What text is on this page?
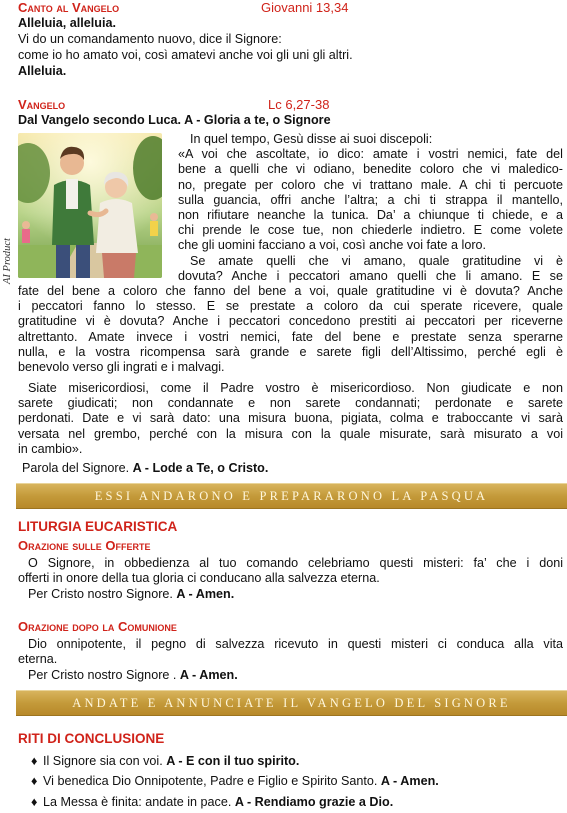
Canto al Vangelo	Giovanni 13,34
Alleluia, alleluia.
Vi do un comandamento nuovo, dice il Signore:
come io ho amato voi, così amatevi anche voi gli uni gli altri.
Alleluia.
Vangelo	Lc 6,27-38
Dal Vangelo secondo Luca. A - Gloria a te, o Signore
AI Product

In quel tempo, Gesù disse ai suoi discepoli:

«A voi che ascoltate, io dico: amate i vostri nemici, fate del

bene a quelli che vi odiano, benedite coloro che vi maledico-

no, pregate per coloro che vi trattano male. A chi ti percuote

sulla guancia, offri anche l’altra; a chi ti strappa il mantello,

non rifiutare neanche la tunica. Da’ a chiunque ti chiede, e a

chi prende le cose tue, non chiederle indietro. E come volete

che gli uomini facciano a voi, così anche voi fate a loro.

Se amate quelli che vi amano, quale gratitudine vi è

dovuta? Anche i peccatori amano quelli che li amano. E se

fate del bene a coloro che fanno del bene a voi, quale gratitudine vi è dovuta? Anche

i peccatori fanno lo stesso. E se prestate a coloro da cui sperate ricevere, quale

gratitudine vi è dovuta? Anche i peccatori concedono prestiti ai peccatori per riceverne

altrettanto. Amate invece i vostri nemici, fate del bene e prestate senza sperarne

nulla, e la vostra ricompensa sarà grande e sarete figli dell’Altissimo, perché egli è

benevolo verso gli ingrati e i malvagi.

Siate misericordiosi, come il Padre vostro è misericordioso. Non giudicate e non

sarete giudicati; non condannate e non sarete condannati; perdonate e sarete

perdonati. Date e vi sarà dato: una misura buona, pigiata, colma e traboccante vi sarà

versata nel grembo, perché con la misura con la quale misurate, sarà misurato a voi

in cambio».

Parola del Signore. A - Lode a Te, o Cristo.
ESSI ANDARONO E PREPARARONO LA PASQUA
LITURGIA EUCARISTICA
Orazione sulle Offerte

O Signore, in obbedienza al tuo comando celebriamo questi misteri: fa’ che i doni

offerti in onore della tua gloria ci conducano alla salvezza eterna.

Per Cristo nostro Signore. A - Amen.
Orazione dopo la Comunione

Dio onnipotente, il pegno di salvezza ricevuto in questi misteri ci conduca alla vita

eterna.

Per Cristo nostro Signore . A - Amen.
ANDATE E ANNUNCIATE IL VANGELO DEL SIGNORE
RITI DI CONCLUSIONE
♦ Il Signore sia con voi. A - E con il tuo spirito.
♦ Vi benedica Dio Onnipotente, Padre e Figlio e Spirito Santo. A - Amen.
♦ La Messa è finita: andate in pace. A - Rendiamo grazie a Dio.
